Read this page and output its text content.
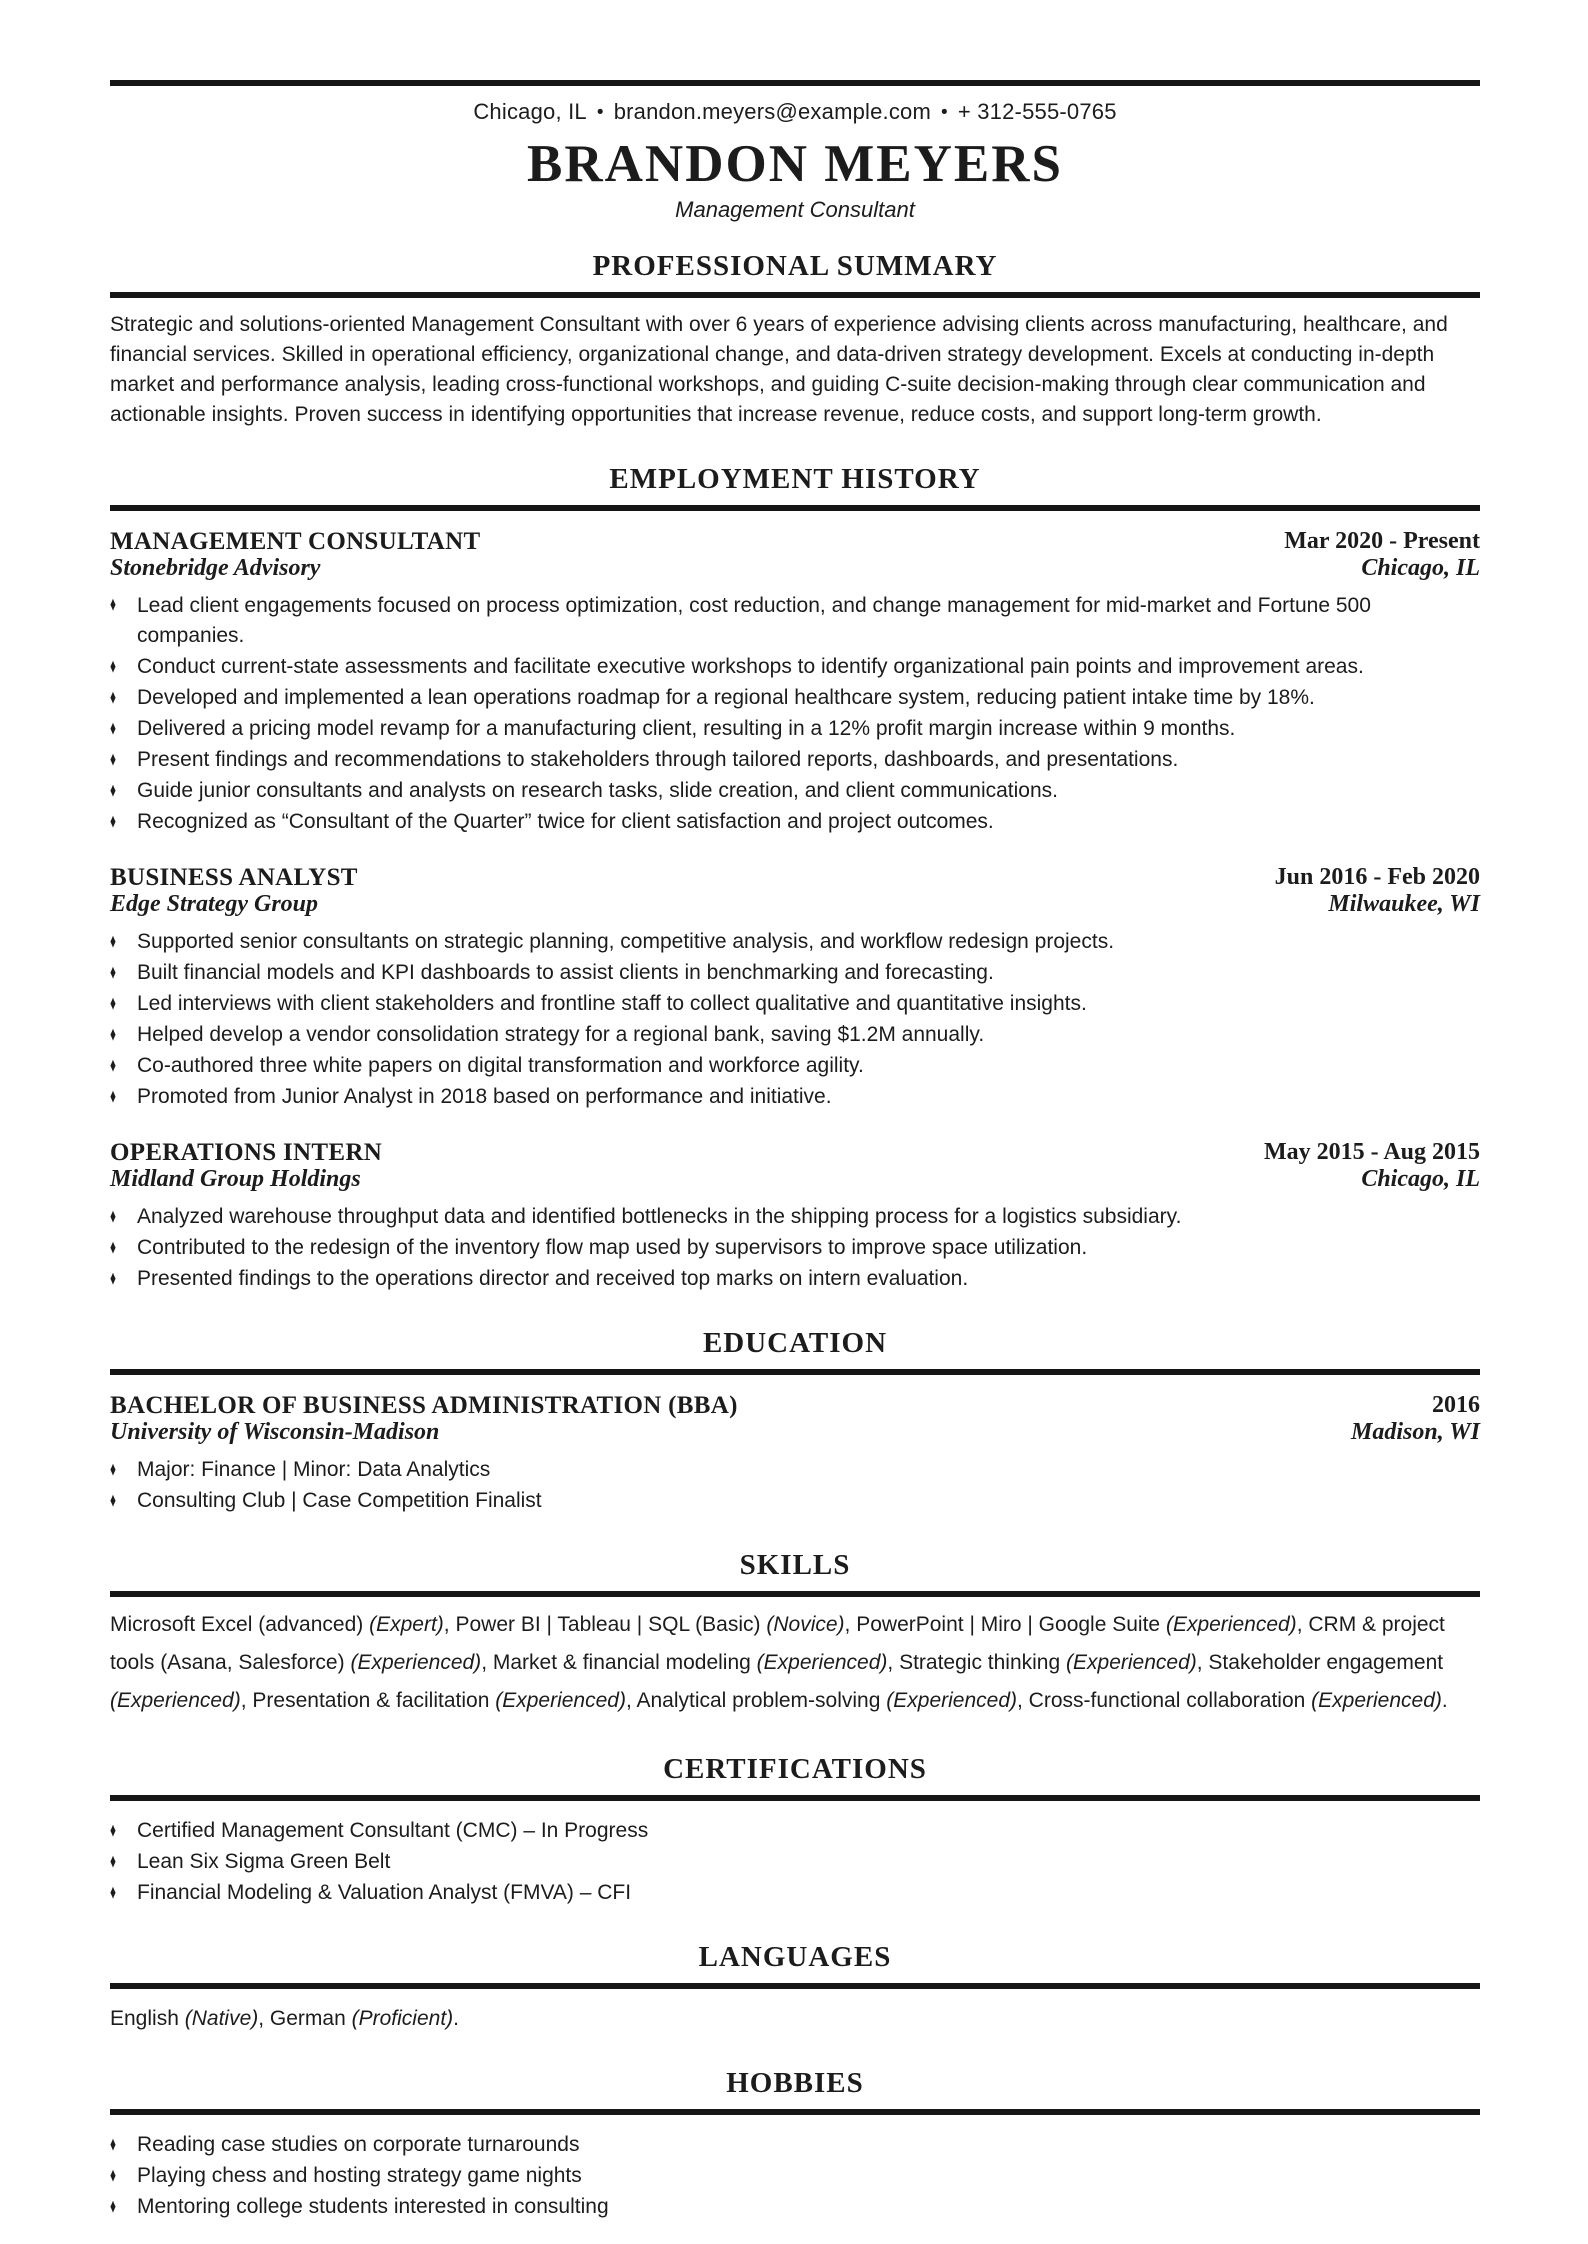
Chicago, IL • brandon.meyers@example.com • + 312-555-0765
BRANDON MEYERS
Management Consultant
PROFESSIONAL SUMMARY

Strategic and solutions-oriented Management Consultant with over 6 years of experience advising clients across manufacturing, healthcare, and financial services. Skilled in operational efficiency, organizational change, and data-driven strategy development. Excels at conducting in-depth market and performance analysis, leading cross-functional workshops, and guiding C-suite decision-making through clear communication and actionable insights. Proven success in identifying opportunities that increase revenue, reduce costs, and support long-term growth.

EMPLOYMENT HISTORY
MANAGEMENT CONSULTANT
Stonebridge Advisory
Mar 2020 - Present
Chicago, IL
♦ Lead client engagements focused on process optimization, cost reduction, and change management for mid-market and Fortune 500 companies.
♦ Conduct current-state assessments and facilitate executive workshops to identify organizational pain points and improvement areas.
♦ Developed and implemented a lean operations roadmap for a regional healthcare system, reducing patient intake time by 18%.
♦ Delivered a pricing model revamp for a manufacturing client, resulting in a 12% profit margin increase within 9 months.
♦ Present findings and recommendations to stakeholders through tailored reports, dashboards, and presentations.
♦ Guide junior consultants and analysts on research tasks, slide creation, and client communications.
♦ Recognized as “Consultant of the Quarter” twice for client satisfaction and project outcomes.
BUSINESS ANALYST
Edge Strategy Group
Jun 2016 - Feb 2020
Milwaukee, WI
♦ Supported senior consultants on strategic planning, competitive analysis, and workflow redesign projects.
♦ Built financial models and KPI dashboards to assist clients in benchmarking and forecasting.
♦ Led interviews with client stakeholders and frontline staff to collect qualitative and quantitative insights.
♦ Helped develop a vendor consolidation strategy for a regional bank, saving $1.2M annually.
♦ Co-authored three white papers on digital transformation and workforce agility.
♦ Promoted from Junior Analyst in 2018 based on performance and initiative.
OPERATIONS INTERN
Midland Group Holdings
May 2015 - Aug 2015
Chicago, IL
♦ Analyzed warehouse throughput data and identified bottlenecks in the shipping process for a logistics subsidiary.
♦ Contributed to the redesign of the inventory flow map used by supervisors to improve space utilization.
♦ Presented findings to the operations director and received top marks on intern evaluation.
EDUCATION
BACHELOR OF BUSINESS ADMINISTRATION (BBA)
University of Wisconsin-Madison
2016
Madison, WI
♦ Major: Finance | Minor: Data Analytics
♦ Consulting Club | Case Competition Finalist
SKILLS

Microsoft Excel (advanced) (Expert), Power BI | Tableau | SQL (Basic) (Novice), PowerPoint | Miro | Google Suite (Experienced), CRM & project tools (Asana, Salesforce) (Experienced), Market & financial modeling (Experienced), Strategic thinking (Experienced), Stakeholder engagement (Experienced), Presentation & facilitation (Experienced), Analytical problem-solving (Experienced), Cross-functional collaboration (Experienced).

CERTIFICATIONS
♦ Certified Management Consultant (CMC) – In Progress
♦ Lean Six Sigma Green Belt
♦ Financial Modeling & Valuation Analyst (FMVA) – CFI
LANGUAGES

English (Native), German (Proficient).

HOBBIES
♦ Reading case studies on corporate turnarounds
♦ Playing chess and hosting strategy game nights
♦ Mentoring college students interested in consulting
